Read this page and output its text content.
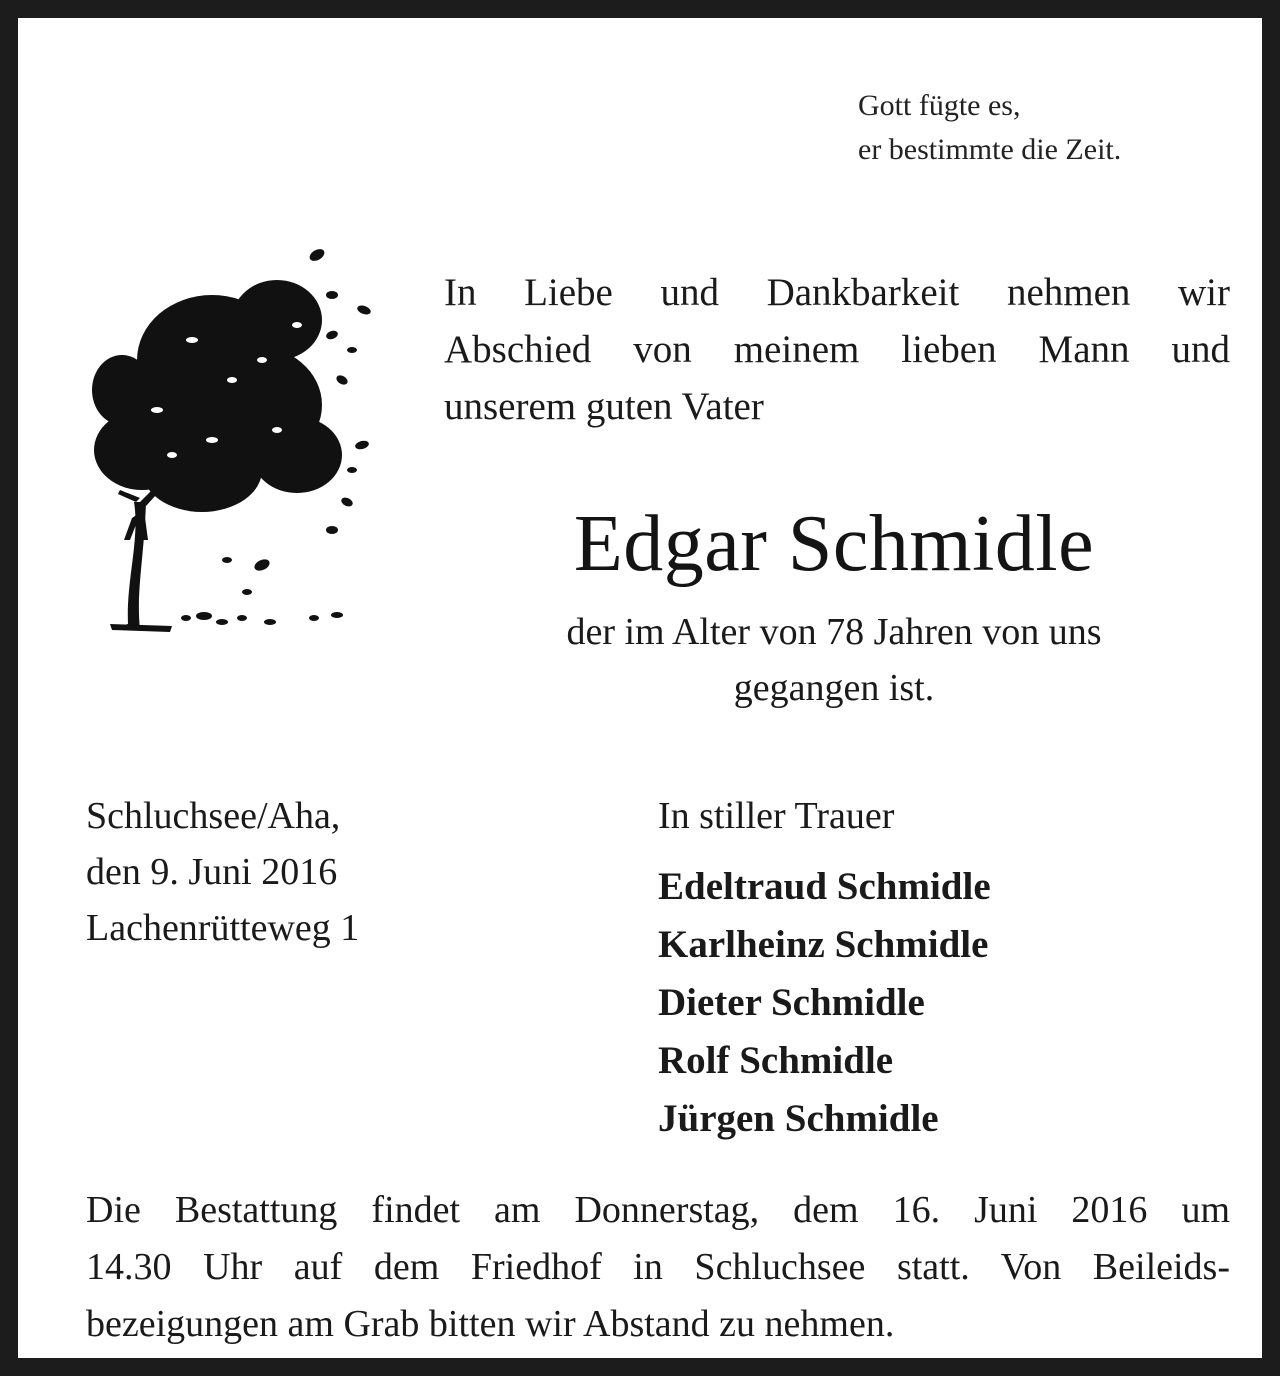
Gott fügte es,
er bestimmte die Zeit.
In Liebe und Dankbarkeit nehmen wir
Abschied von meinem lieben Mann und
unserem guten Vater
Edgar Schmidle
der im Alter von 78 Jahren von uns
gegangen ist.
Schluchsee/Aha,
den 9. Juni 2016
Lachenrütteweg 1
In stiller Trauer
Edeltraud Schmidle
Karlheinz Schmidle
Dieter Schmidle
Rolf Schmidle
Jürgen Schmidle
Die Bestattung findet am Donnerstag, dem 16. Juni 2016 um
14.30 Uhr auf dem Friedhof in Schluchsee statt. Von Beileids-
bezeigungen am Grab bitten wir Abstand zu nehmen.
